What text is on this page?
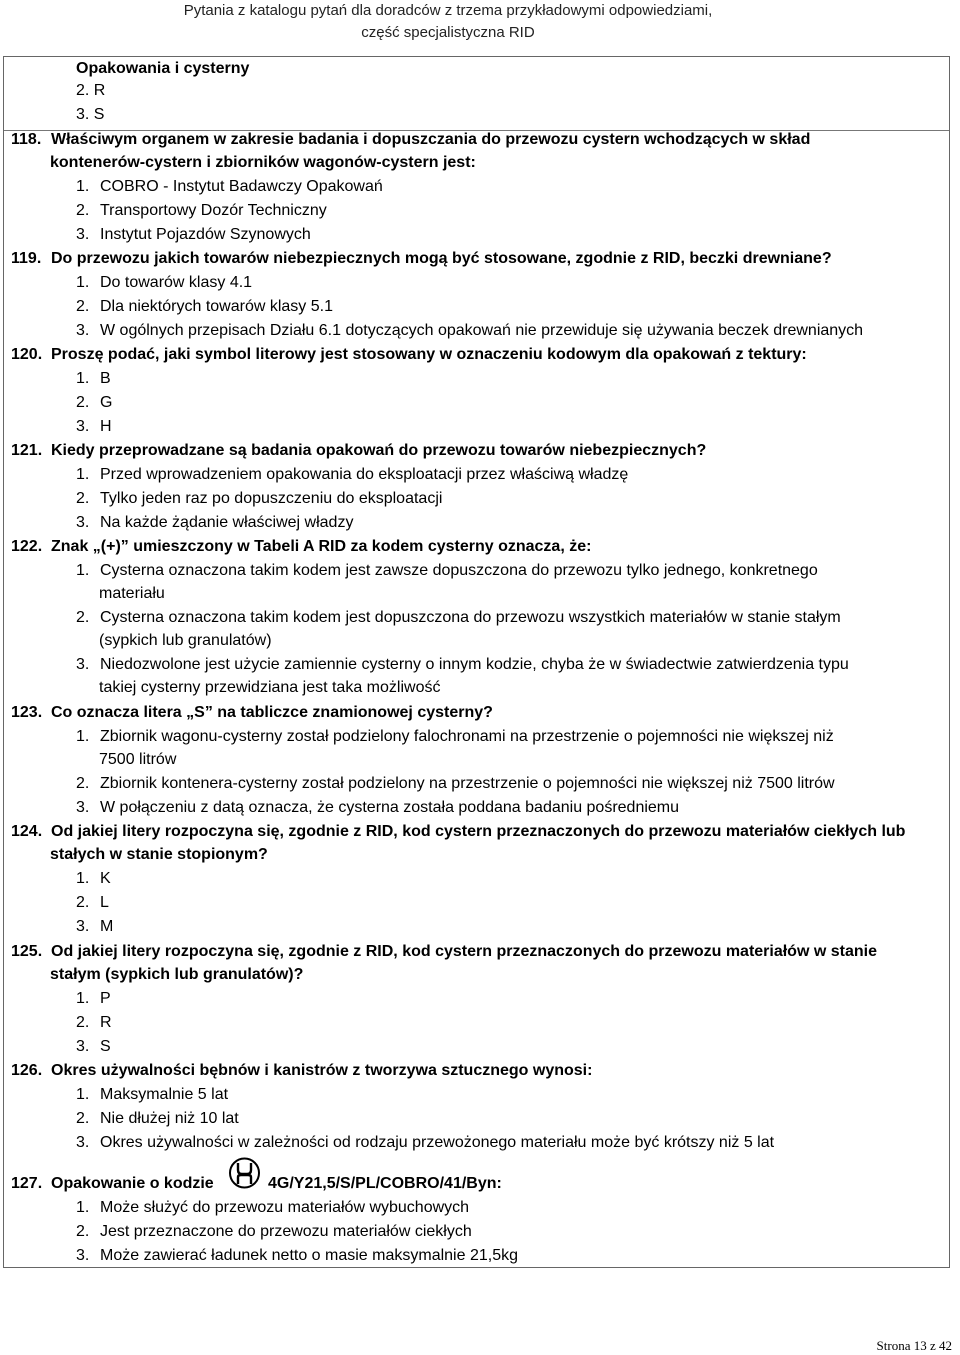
Pytania z katalogu pytań dla doradców z trzema przykładowymi odpowiedziami,
część specjalistyczna RID
Opakowania i cysterny
2. R
3. S
118. Właściwym organem w zakresie badania i dopuszczania do przewozu cystern wchodzących w skład
kontenerów-cystern i zbiorników wagonów-cystern jest:
1. COBRO - Instytut Badawczy Opakowań
2. Transportowy Dozór Techniczny
3. Instytut Pojazdów Szynowych
119. Do przewozu jakich towarów niebezpiecznych mogą być stosowane, zgodnie z RID, beczki drewniane?
1. Do towarów klasy 4.1
2. Dla niektórych towarów klasy 5.1
3. W ogólnych przepisach Działu 6.1 dotyczących opakowań nie przewiduje się używania beczek drewnianych
120. Proszę podać, jaki symbol literowy jest stosowany w oznaczeniu kodowym dla opakowań z tektury:
1. B
2. G
3. H
121. Kiedy przeprowadzane są badania opakowań do przewozu towarów niebezpiecznych?
1. Przed wprowadzeniem opakowania do eksploatacji przez właściwą władzę
2. Tylko jeden raz po dopuszczeniu do eksploatacji
3. Na każde żądanie właściwej władzy
122. Znak „(+)” umieszczony w Tabeli A RID za kodem cysterny oznacza, że:
1. Cysterna oznaczona takim kodem jest zawsze dopuszczona do przewozu tylko jednego, konkretnego
materiału
2. Cysterna oznaczona takim kodem jest dopuszczona do przewozu wszystkich materiałów w stanie stałym
(sypkich lub granulatów)
3. Niedozwolone jest użycie zamiennie cysterny o innym kodzie, chyba że w świadectwie zatwierdzenia typu
takiej cysterny przewidziana jest taka możliwość
123. Co oznacza litera „S” na tabliczce znamionowej cysterny?
1. Zbiornik wagonu-cysterny został podzielony falochronami na przestrzenie o pojemności nie większej niż
7500 litrów
2. Zbiornik kontenera-cysterny został podzielony na przestrzenie o pojemności nie większej niż 7500 litrów
3. W połączeniu z datą oznacza, że cysterna została poddana badaniu pośredniemu
124. Od jakiej litery rozpoczyna się, zgodnie z RID, kod cystern przeznaczonych do przewozu materiałów ciekłych lub
stałych w stanie stopionym?
1. K
2. L
3. M
125. Od jakiej litery rozpoczyna się, zgodnie z RID, kod cystern przeznaczonych do przewozu materiałów w stanie
stałym (sypkich lub granulatów)?
1. P
2. R
3. S
126. Okres używalności bębnów i kanistrów z tworzywa sztucznego wynosi:
1. Maksymalnie 5 lat
2. Nie dłużej niż 10 lat
3. Okres używalności w zależności od rodzaju przewożonego materiału może być krótszy niż 5 lat
127. Opakowanie o kodzie	4G/Y21,5/S/PL/COBRO/41/Byn:
1. Może służyć do przewozu materiałów wybuchowych
2. Jest przeznaczone do przewozu materiałów ciekłych
3. Może zawierać ładunek netto o masie maksymalnie 21,5kg
Strona 13 z 42
